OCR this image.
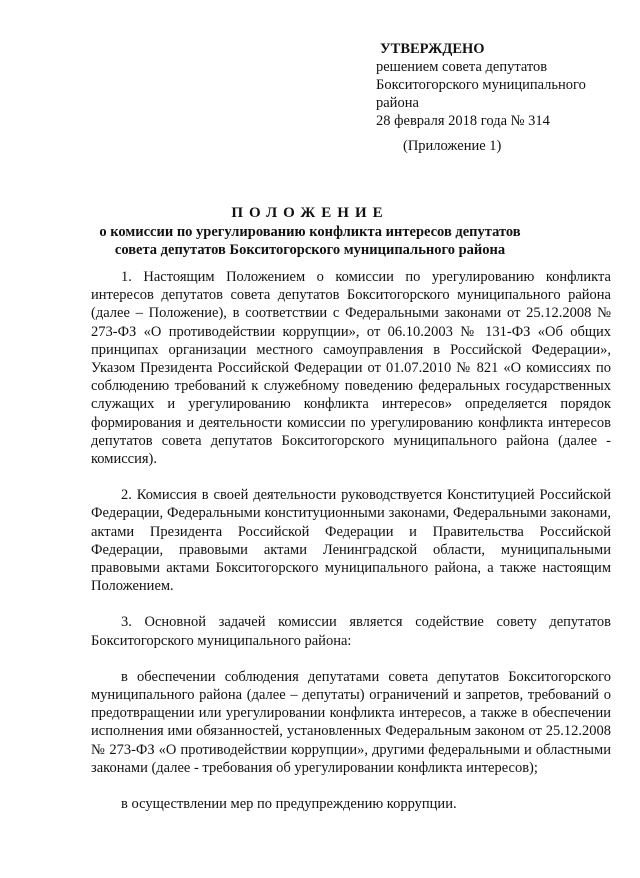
УТВЕРЖДЕНО
решением совета депутатов
Бокситогорского муниципального
района
28 февраля 2018 года № 314
(Приложение 1)
ПОЛОЖЕНИЕ
о комиссии по урегулированию конфликта интересов депутатов
совета депутатов Бокситогорского муниципального района

1. Настоящим Положением о комиссии по урегулированию конфликта интересов депутатов совета депутатов Бокситогорского муниципального района (далее – Положение), в соответствии с Федеральными законами от 25.12.2008 № 273-ФЗ «О противодействии коррупции», от 06.10.2003 № 131-ФЗ «Об общих принципах организации местного самоуправления в Российской Федерации», Указом Президента Российской Федерации от 01.07.2010 № 821 «О комиссиях по соблюдению требований к служебному поведению федеральных государственных служащих и урегулированию конфликта интересов» определяется порядок формирования и деятельности комиссии по урегулированию конфликта интересов депутатов совета депутатов Бокситогорского муниципального района (далее - комиссия).

2. Комиссия в своей деятельности руководствуется Конституцией Российской Федерации, Федеральными конституционными законами, Федеральными законами, актами Президента Российской Федерации и Правительства Российской Федерации, правовыми актами Ленинградской области, муниципальными правовыми актами Бокситогорского муниципального района, а также настоящим Положением.

3. Основной задачей комиссии является содействие совету депутатов Бокситогорского муниципального района:

в обеспечении соблюдения депутатами совета депутатов Бокситогорского муниципального района (далее – депутаты) ограничений и запретов, требований о предотвращении или урегулировании конфликта интересов, а также в обеспечении исполнения ими обязанностей, установленных Федеральным законом от 25.12.2008 № 273-ФЗ «О противодействии коррупции», другими федеральными и областными законами (далее - требования об урегулировании конфликта интересов);

в осуществлении мер по предупреждению коррупции.
